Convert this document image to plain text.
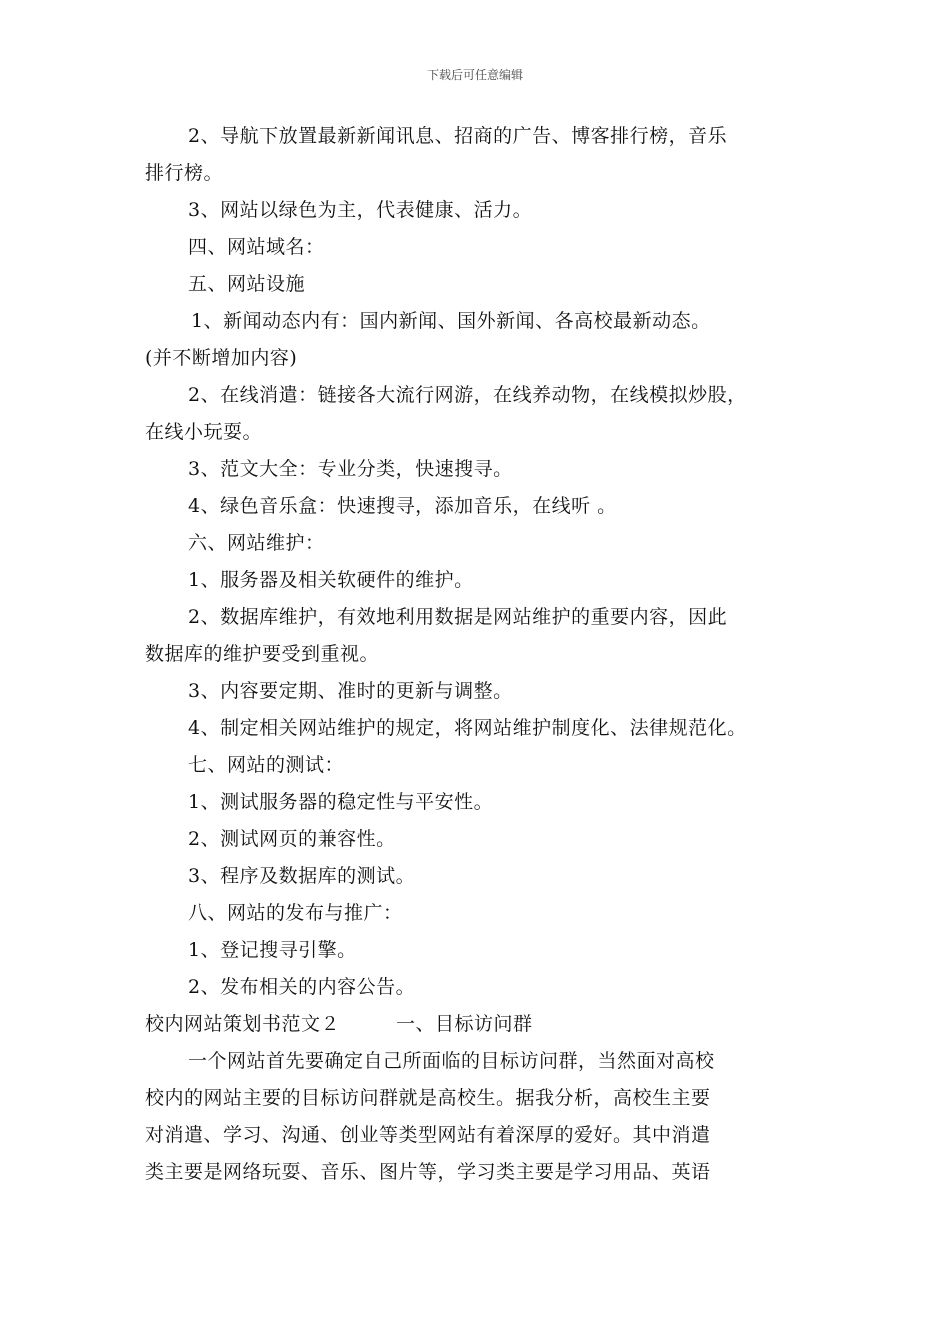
下载后可任意编辑

2、导航下放置最新新闻讯息、招商的广告、博客排行榜，音乐

排行榜。

3、网站以绿色为主，代表健康、活力。

四、网站域名：

五、网站设施

1、新闻动态内有：国内新闻、国外新闻、各高校最新动态。

(并不断增加内容)

2、在线消遣：链接各大流行网游，在线养动物，在线模拟炒股，

在线小玩耍。

3、范文大全：专业分类，快速搜寻。

4、绿色音乐盒：快速搜寻，添加音乐，在线听 。

六、网站维护：

1、服务器及相关软硬件的维护。

2、数据库维护，有效地利用数据是网站维护的重要内容，因此

数据库的维护要受到重视。

3、内容要定期、准时的更新与调整。

4、制定相关网站维护的规定，将网站维护制度化、法律规范化。

七、网站的测试：

1、测试服务器的稳定性与平安性。

2、测试网页的兼容性。

3、程序及数据库的测试。

八、网站的发布与推广：

1、登记搜寻引擎。

2、发布相关的内容公告。

校内网站策划书范文２	一、目标访问群

一个网站首先要确定自己所面临的目标访问群，当然面对高校

校内的网站主要的目标访问群就是高校生。据我分析，高校生主要

对消遣、学习、沟通、创业等类型网站有着深厚的爱好。其中消遣

类主要是网络玩耍、音乐、图片等，学习类主要是学习用品、英语
